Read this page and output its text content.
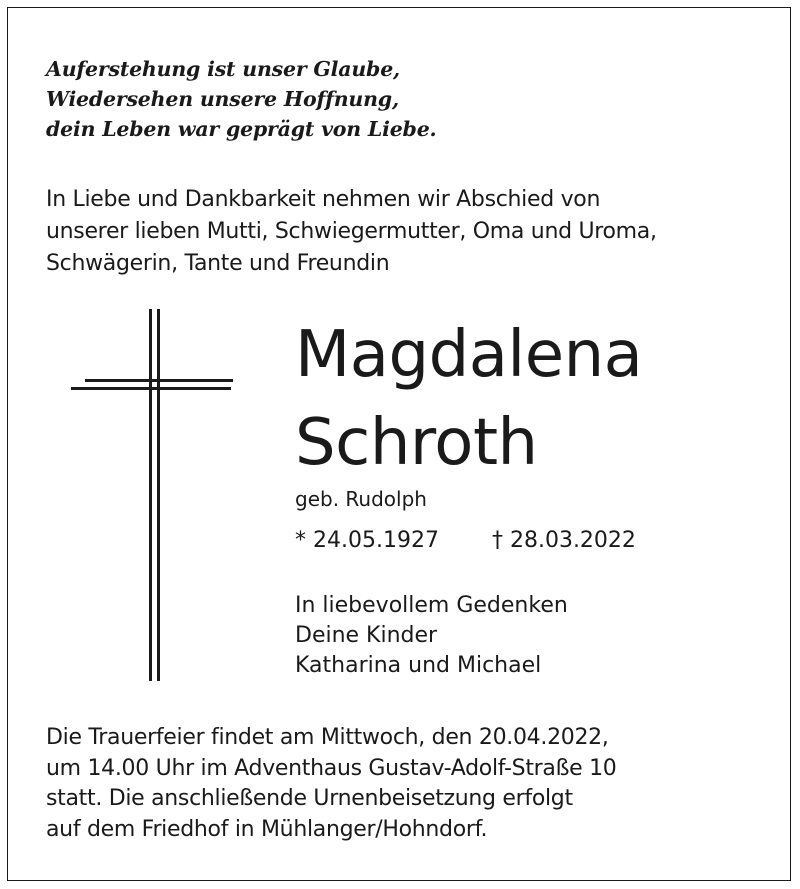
Auferstehung ist unser Glaube,
Wiedersehen unsere Hoffnung,
dein Leben war geprägt von Liebe.
In Liebe und Dankbarkeit nehmen wir Abschied von
unserer lieben Mutti, Schwiegermutter, Oma und Uroma,
Schwägerin, Tante und Freundin
Magdalena
Schroth
geb. Rudolph
* 24.05.1927 † 28.03.2022
In liebevollem Gedenken
Deine Kinder
Katharina und Michael
Die Trauerfeier findet am Mittwoch, den 20.04.2022,
um 14.00 Uhr im Adventhaus Gustav-Adolf-Straße 10
statt. Die anschließende Urnenbeisetzung erfolgt
auf dem Friedhof in Mühlanger/Hohndorf.
